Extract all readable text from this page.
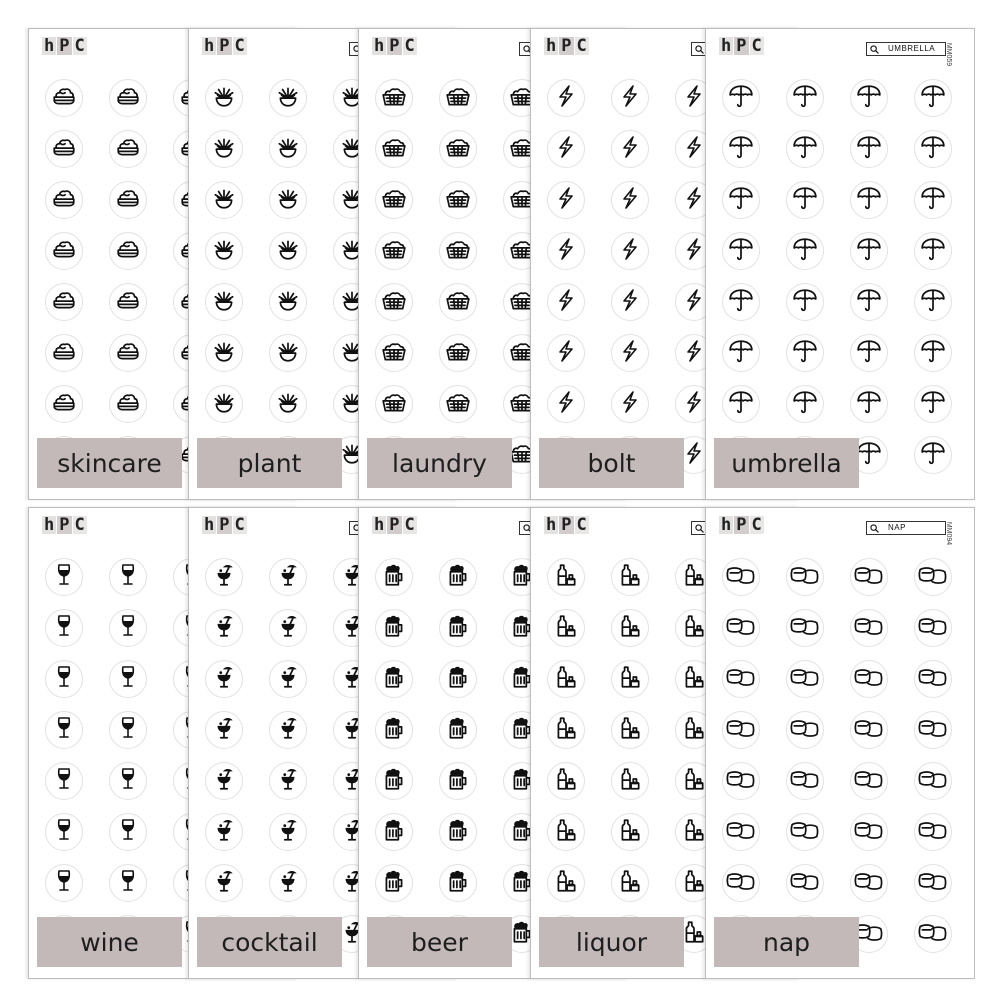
h P C
skincare
h P C
plant
h P C
laundry
h P C
bolt
h P C	UMBRELLA MM059
umbrella
h P C
wine
h P C
cocktail
h P C
beer
h P C
liquor
h P C	NAP	MM094
nap
